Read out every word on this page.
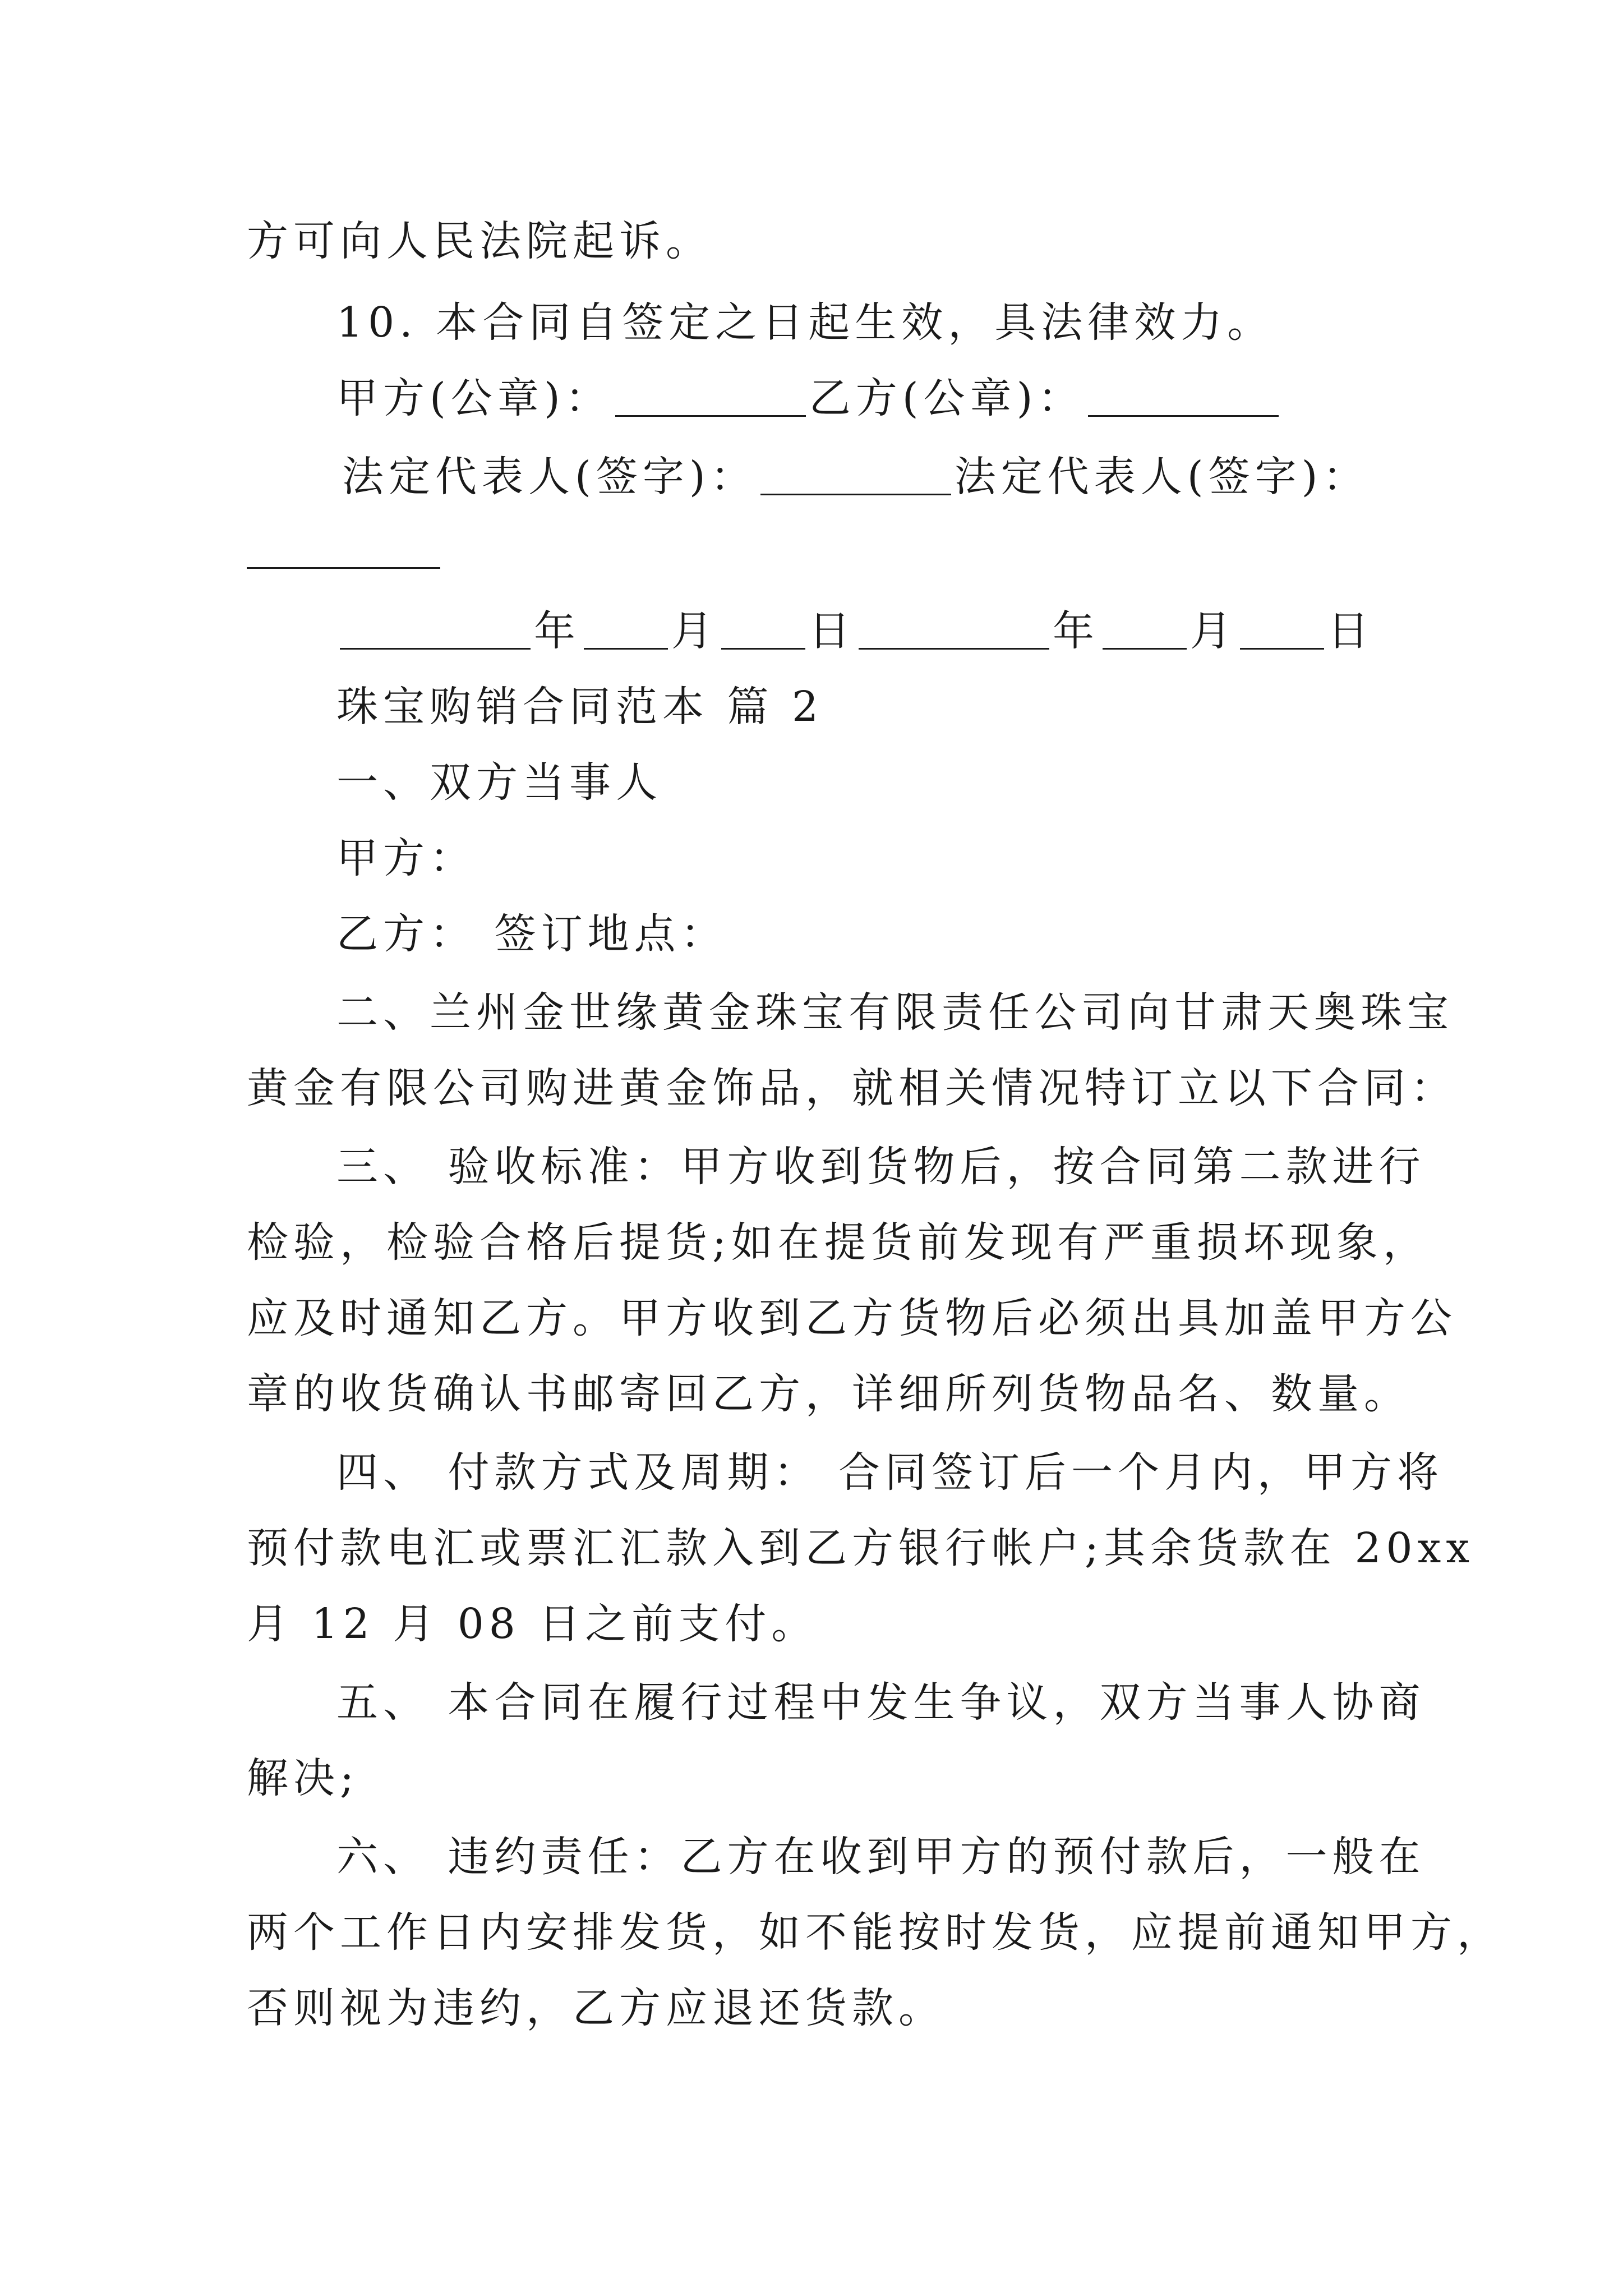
方可向人民法院起诉。
10. 本合同自签定之日起生效，具法律效力。
甲方(公章)：	乙方(公章)：
法定代表人(签字)：	法定代表人(签字)：
年 月 日	年 月 日
珠宝购销合同范本 篇 2
一、双方当事人
甲方：
乙方： 签订地点：
二、兰州金世缘黄金珠宝有限责任公司向甘肃天奥珠宝
黄金有限公司购进黄金饰品，就相关情况特订立以下合同：
三、 验收标准：甲方收到货物后，按合同第二款进行
检验，检验合格后提货;如在提货前发现有严重损坏现象，
应及时通知乙方。甲方收到乙方货物后必须出具加盖甲方公
章的收货确认书邮寄回乙方，详细所列货物品名、数量。
四、 付款方式及周期： 合同签订后一个月内，甲方将
预付款电汇或票汇汇款入到乙方银行帐户;其余货款在 20xx
月 12 月 08 日之前支付。
五、 本合同在履行过程中发生争议，双方当事人协商
解决;
六、 违约责任：乙方在收到甲方的预付款后，一般在
两个工作日内安排发货，如不能按时发货，应提前通知甲方，
否则视为违约，乙方应退还货款。
